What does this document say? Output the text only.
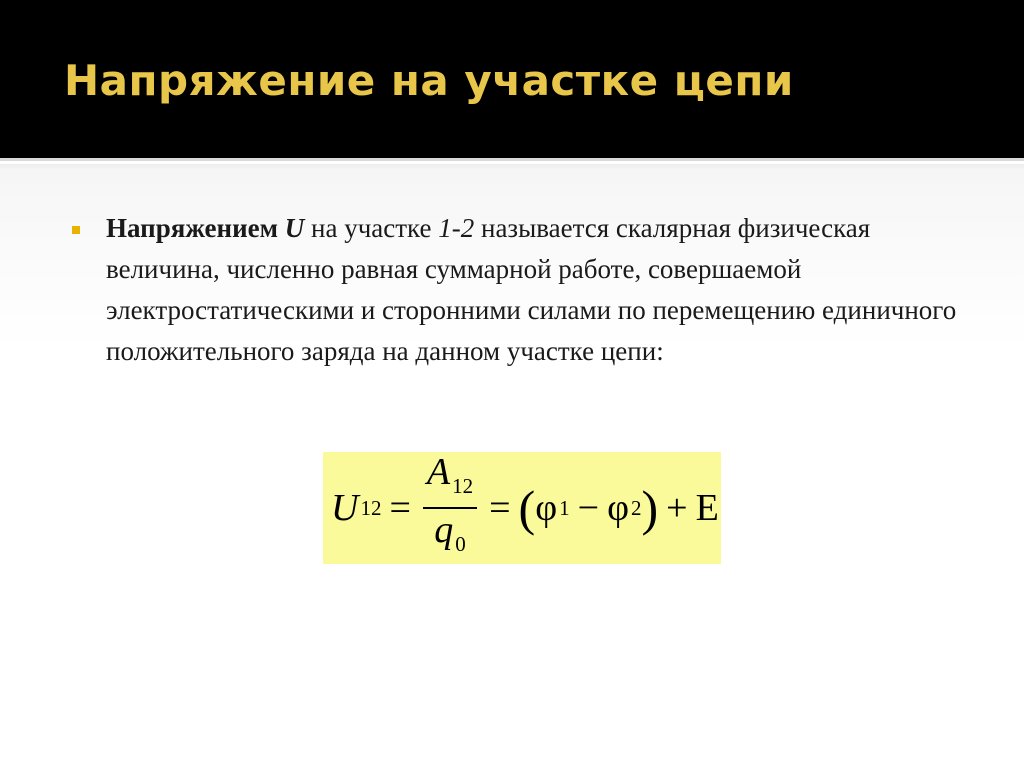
Напряжение на участке цепи

Напряжением U на участке 1-2 называется скалярная физическая величина, численно равная суммарной работе, совершаемой электростатическими и сторонними силами по перемещению единичного положительного заряда на данном участке цепи:

U $12 = \frac{A_{12}}{q_0}$ = ( φ 1 − φ 2 ) + E
